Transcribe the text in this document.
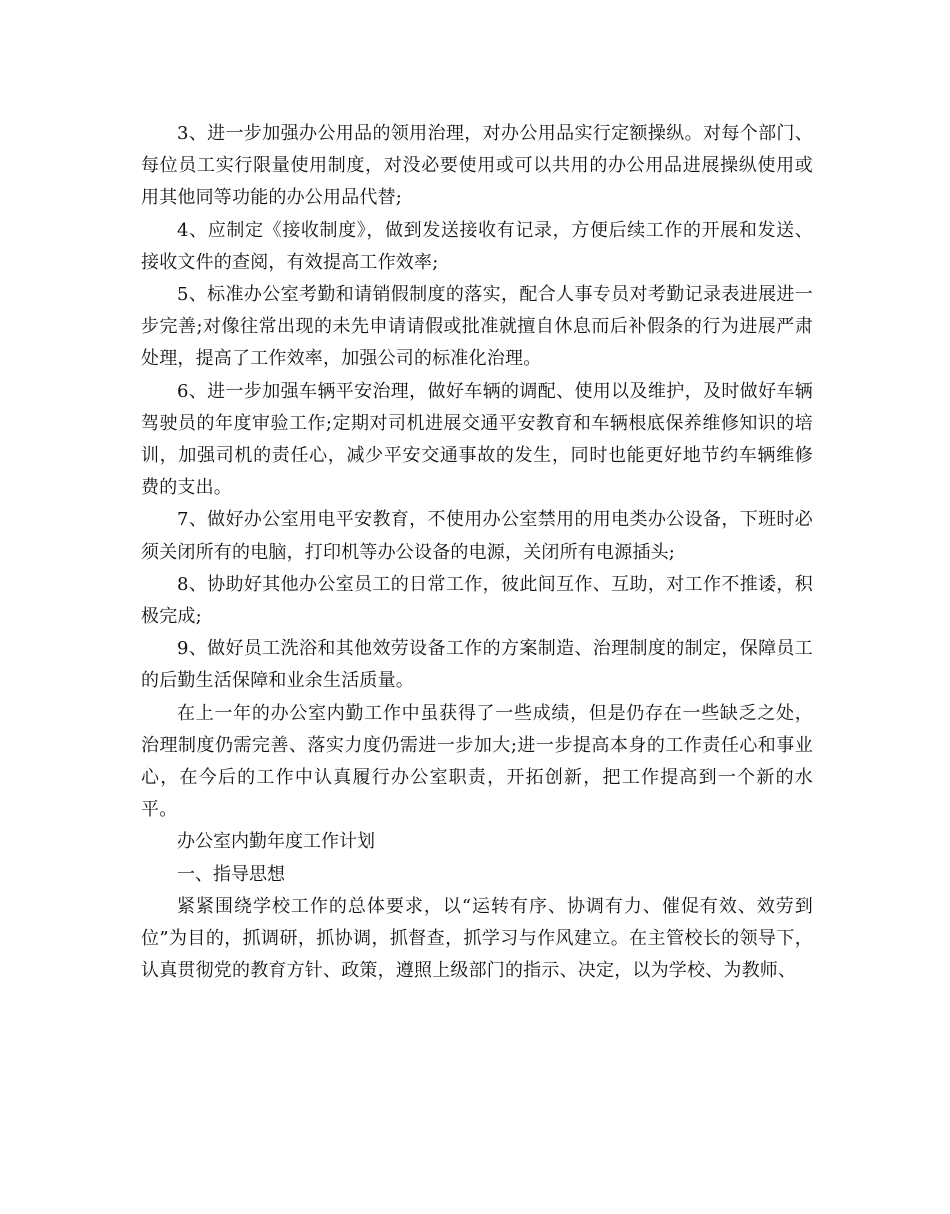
3、进一步加强办公用品的领用治理，对办公用品实行定额操纵。对每个部门、每位员工实行限量使用制度，对没必要使用或可以共用的办公用品进展操纵使用或用其他同等功能的办公用品代替;

4、应制定《接收制度》，做到发送接收有记录，方便后续工作的开展和发送、接收文件的查阅，有效提高工作效率;

5、标准办公室考勤和请销假制度的落实，配合人事专员对考勤记录表进展进一步完善;对像往常出现的未先申请请假或批准就擅自休息而后补假条的行为进展严肃处理，提高了工作效率，加强公司的标准化治理。

6、进一步加强车辆平安治理，做好车辆的调配、使用以及维护，及时做好车辆驾驶员的年度审验工作;定期对司机进展交通平安教育和车辆根底保养维修知识的培训，加强司机的责任心，减少平安交通事故的发生，同时也能更好地节约车辆维修费的支出。

7、做好办公室用电平安教育，不使用办公室禁用的用电类办公设备，下班时必须关闭所有的电脑，打印机等办公设备的电源，关闭所有电源插头;

8、协助好其他办公室员工的日常工作，彼此间互作、互助，对工作不推诿，积极完成;

9、做好员工洗浴和其他效劳设备工作的方案制造、治理制度的制定，保障员工的后勤生活保障和业余生活质量。

在上一年的办公室内勤工作中虽获得了一些成绩，但是仍存在一些缺乏之处，治理制度仍需完善、落实力度仍需进一步加大;进一步提高本身的工作责任心和事业心，在今后的工作中认真履行办公室职责，开拓创新，把工作提高到一个新的水平。

办公室内勤年度工作计划

一、指导思想

紧紧围绕学校工作的总体要求，以“运转有序、协调有力、催促有效、效劳到位”为目的，抓调研，抓协调，抓督查，抓学习与作风建立。在主管校长的领导下，认真贯彻党的教育方针、政策，遵照上级部门的指示、决定，以为学校、为教师、
